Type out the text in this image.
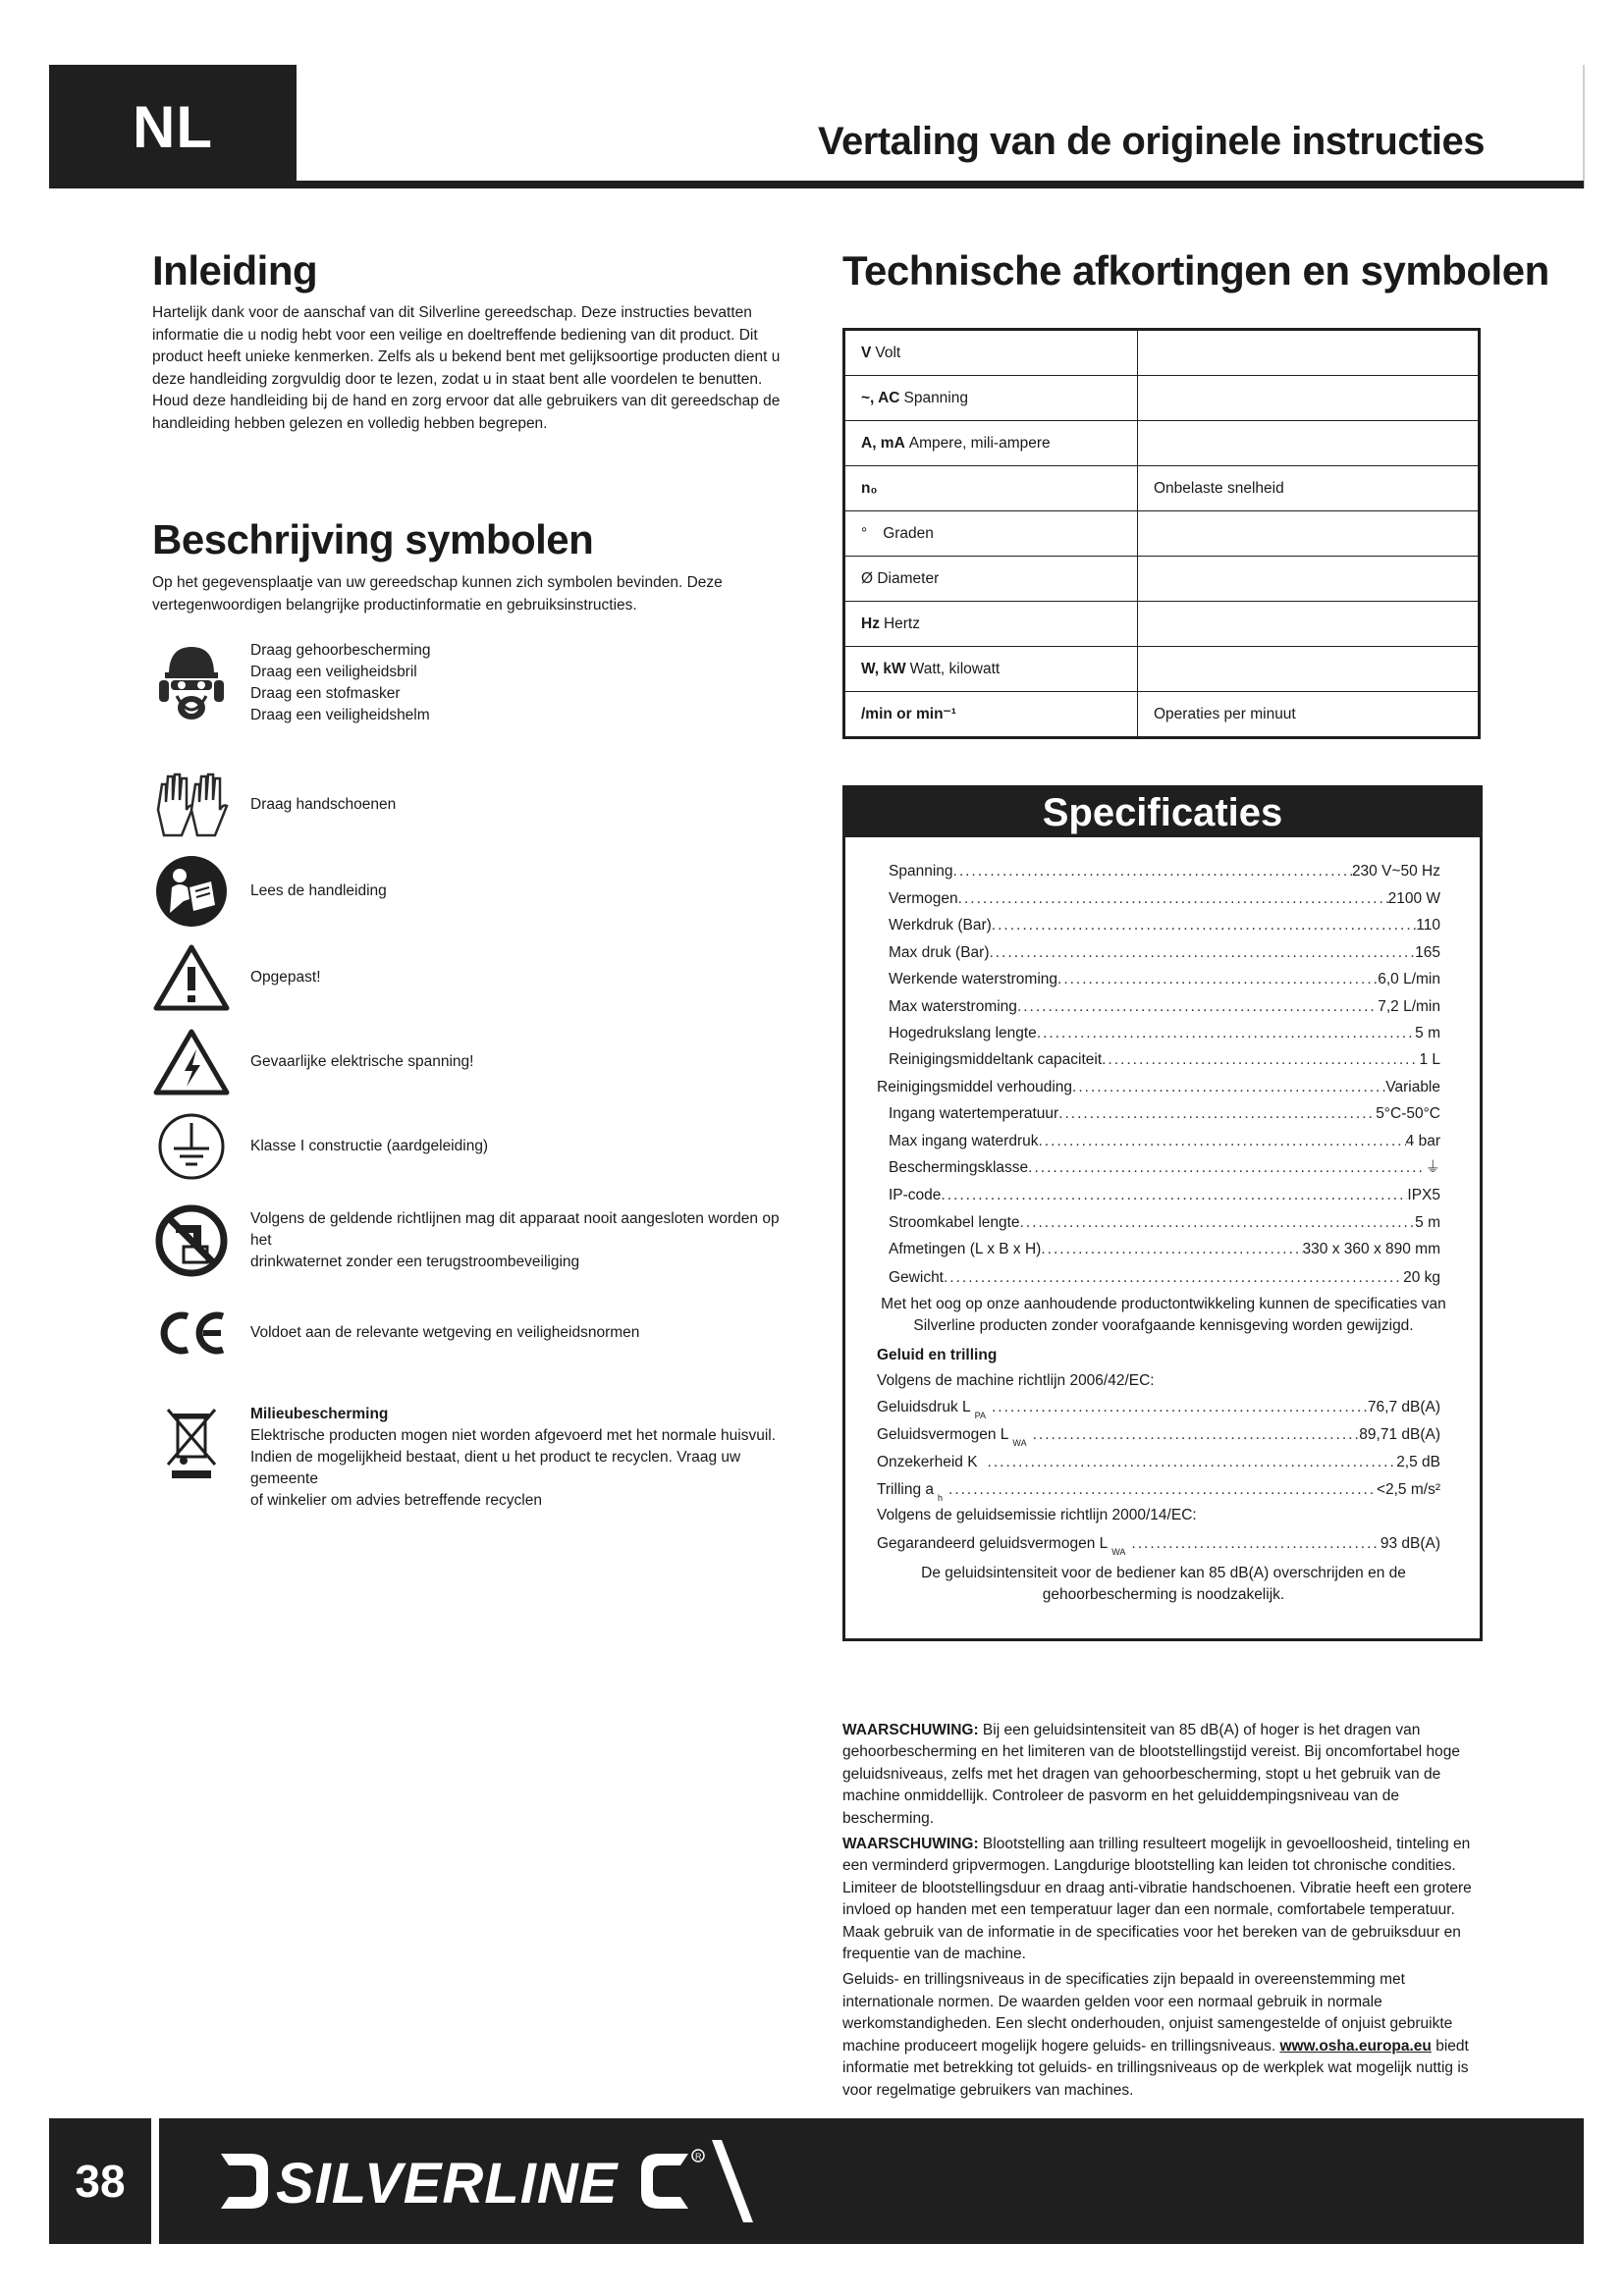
NL	Vertaling van de originele instructies
Inleiding
Hartelijk dank voor de aanschaf van dit Silverline gereedschap. Deze instructies bevatten informatie die u nodig hebt voor een veilige en doeltreffende bediening van dit product. Dit product heeft unieke kenmerken. Zelfs als u bekend bent met gelijksoortige producten dient u deze handleiding zorgvuldig door te lezen, zodat u in staat bent alle voordelen te benutten. Houd deze handleiding bij de hand en zorg ervoor dat alle gebruikers van dit gereedschap de handleiding hebben gelezen en volledig hebben begrepen.
Beschrijving symbolen
Op het gegevensplaatje van uw gereedschap kunnen zich symbolen bevinden. Deze vertegenwoordigen belangrijke productinformatie en gebruiksinstructies.
Draag gehoorbescherming
Draag een veiligheidsbril
Draag een stofmasker
Draag een veiligheidshelm
Draag handschoenen
Lees de handleiding
Opgepast!
Gevaarlijke elektrische spanning!
Klasse I constructie (aardgeleiding)
Volgens de geldende richtlijnen mag dit apparaat nooit aangesloten worden op het
drinkwaternet zonder een terugstroombeveiliging
Voldoet aan de relevante wetgeving en veiligheidsnormen
Milieubescherming
Elektrische producten mogen niet worden afgevoerd met het normale huisvuil.
Indien de mogelijkheid bestaat, dient u het product te recyclen. Vraag uw gemeente
of winkelier om advies betreffende recyclen
Technische afkortingen en symbolen
V Volt	
~, AC Spanning	
A, mA Ampere, mili-ampere	
n₀	Onbelaste snelheid
° Graden	
Ø Diameter	
Hz Hertz	
W, kW Watt, kilowatt	
/min or min⁻¹	Operaties per minuut
Specificaties
Spanning .....	230 V~50 Hz
Vermogen .....	2100 W
Werkdruk (Bar) .....	110
Max druk (Bar) .....	165
Werkende waterstroming .....	6,0 L/min
Max waterstroming .....	7,2 L/min
Hogedrukslang lengte .....	5 m
Reinigingsmiddeltank capaciteit .....	1 L
Reinigingsmiddel verhouding .....	Variable
Ingang watertemperatuur .....	5°C-50°C
Max ingang waterdruk .....	4 bar
Beschermingsklasse .....	⏚
IP-code .....	IPX5
Stroomkabel lengte .....	5 m
Afmetingen (L x B x H) .....	330 x 360 x 890 mm
Gewicht .....	20 kg
Met het oog op onze aanhoudende productontwikkeling kunnen de specificaties van Silverline producten zonder voorafgaande kennisgeving worden gewijzigd.
Geluid en trilling
Volgens de machine richtlijn 2006/42/EC:
Geluidsdruk L PA .....	76,7 dB(A)
Geluidsvermogen L WA .....	89,71 dB(A)
Onzekerheid K .....	2,5 dB
Trilling a h .....	<2,5 m/s²
Volgens de geluidsemissie richtlijn 2000/14/EC:
Gegarandeerd geluidsvermogen L WA .....	93 dB(A)
De geluidsintensiteit voor de bediener kan 85 dB(A) overschrijden en de gehoorbescherming is noodzakelijk.

WAARSCHUWING: Bij een geluidsintensiteit van 85 dB(A) of hoger is het dragen van gehoorbescherming en het limiteren van de blootstellingstijd vereist. Bij oncomfortabel hoge geluidsniveaus, zelfs met het dragen van gehoorbescherming, stopt u het gebruik van de machine onmiddellijk. Controleer de pasvorm en het geluiddempingsniveau van de bescherming.

WAARSCHUWING: Blootstelling aan trilling resulteert mogelijk in gevoelloosheid, tinteling en een verminderd gripvermogen. Langdurige blootstelling kan leiden tot chronische condities. Limiteer de blootstellingsduur en draag anti-vibratie handschoenen. Vibratie heeft een grotere invloed op handen met een temperatuur lager dan een normale, comfortabele temperatuur. Maak gebruik van de informatie in de specificaties voor het bereken van de gebruiksduur en frequentie van de machine.

Geluids- en trillingsniveaus in de specificaties zijn bepaald in overeenstemming met internationale normen. De waarden gelden voor een normaal gebruik in normale werkomstandigheden. Een slecht onderhouden, onjuist samengestelde of onjuist gebruikte machine produceert mogelijk hogere geluids- en trillingsniveaus. www.osha.europa.eu biedt informatie met betrekking tot geluids- en trillingsniveaus op de werkplek wat mogelijk nuttig is voor regelmatige gebruikers van machines.

38	SILVERLINE	R
